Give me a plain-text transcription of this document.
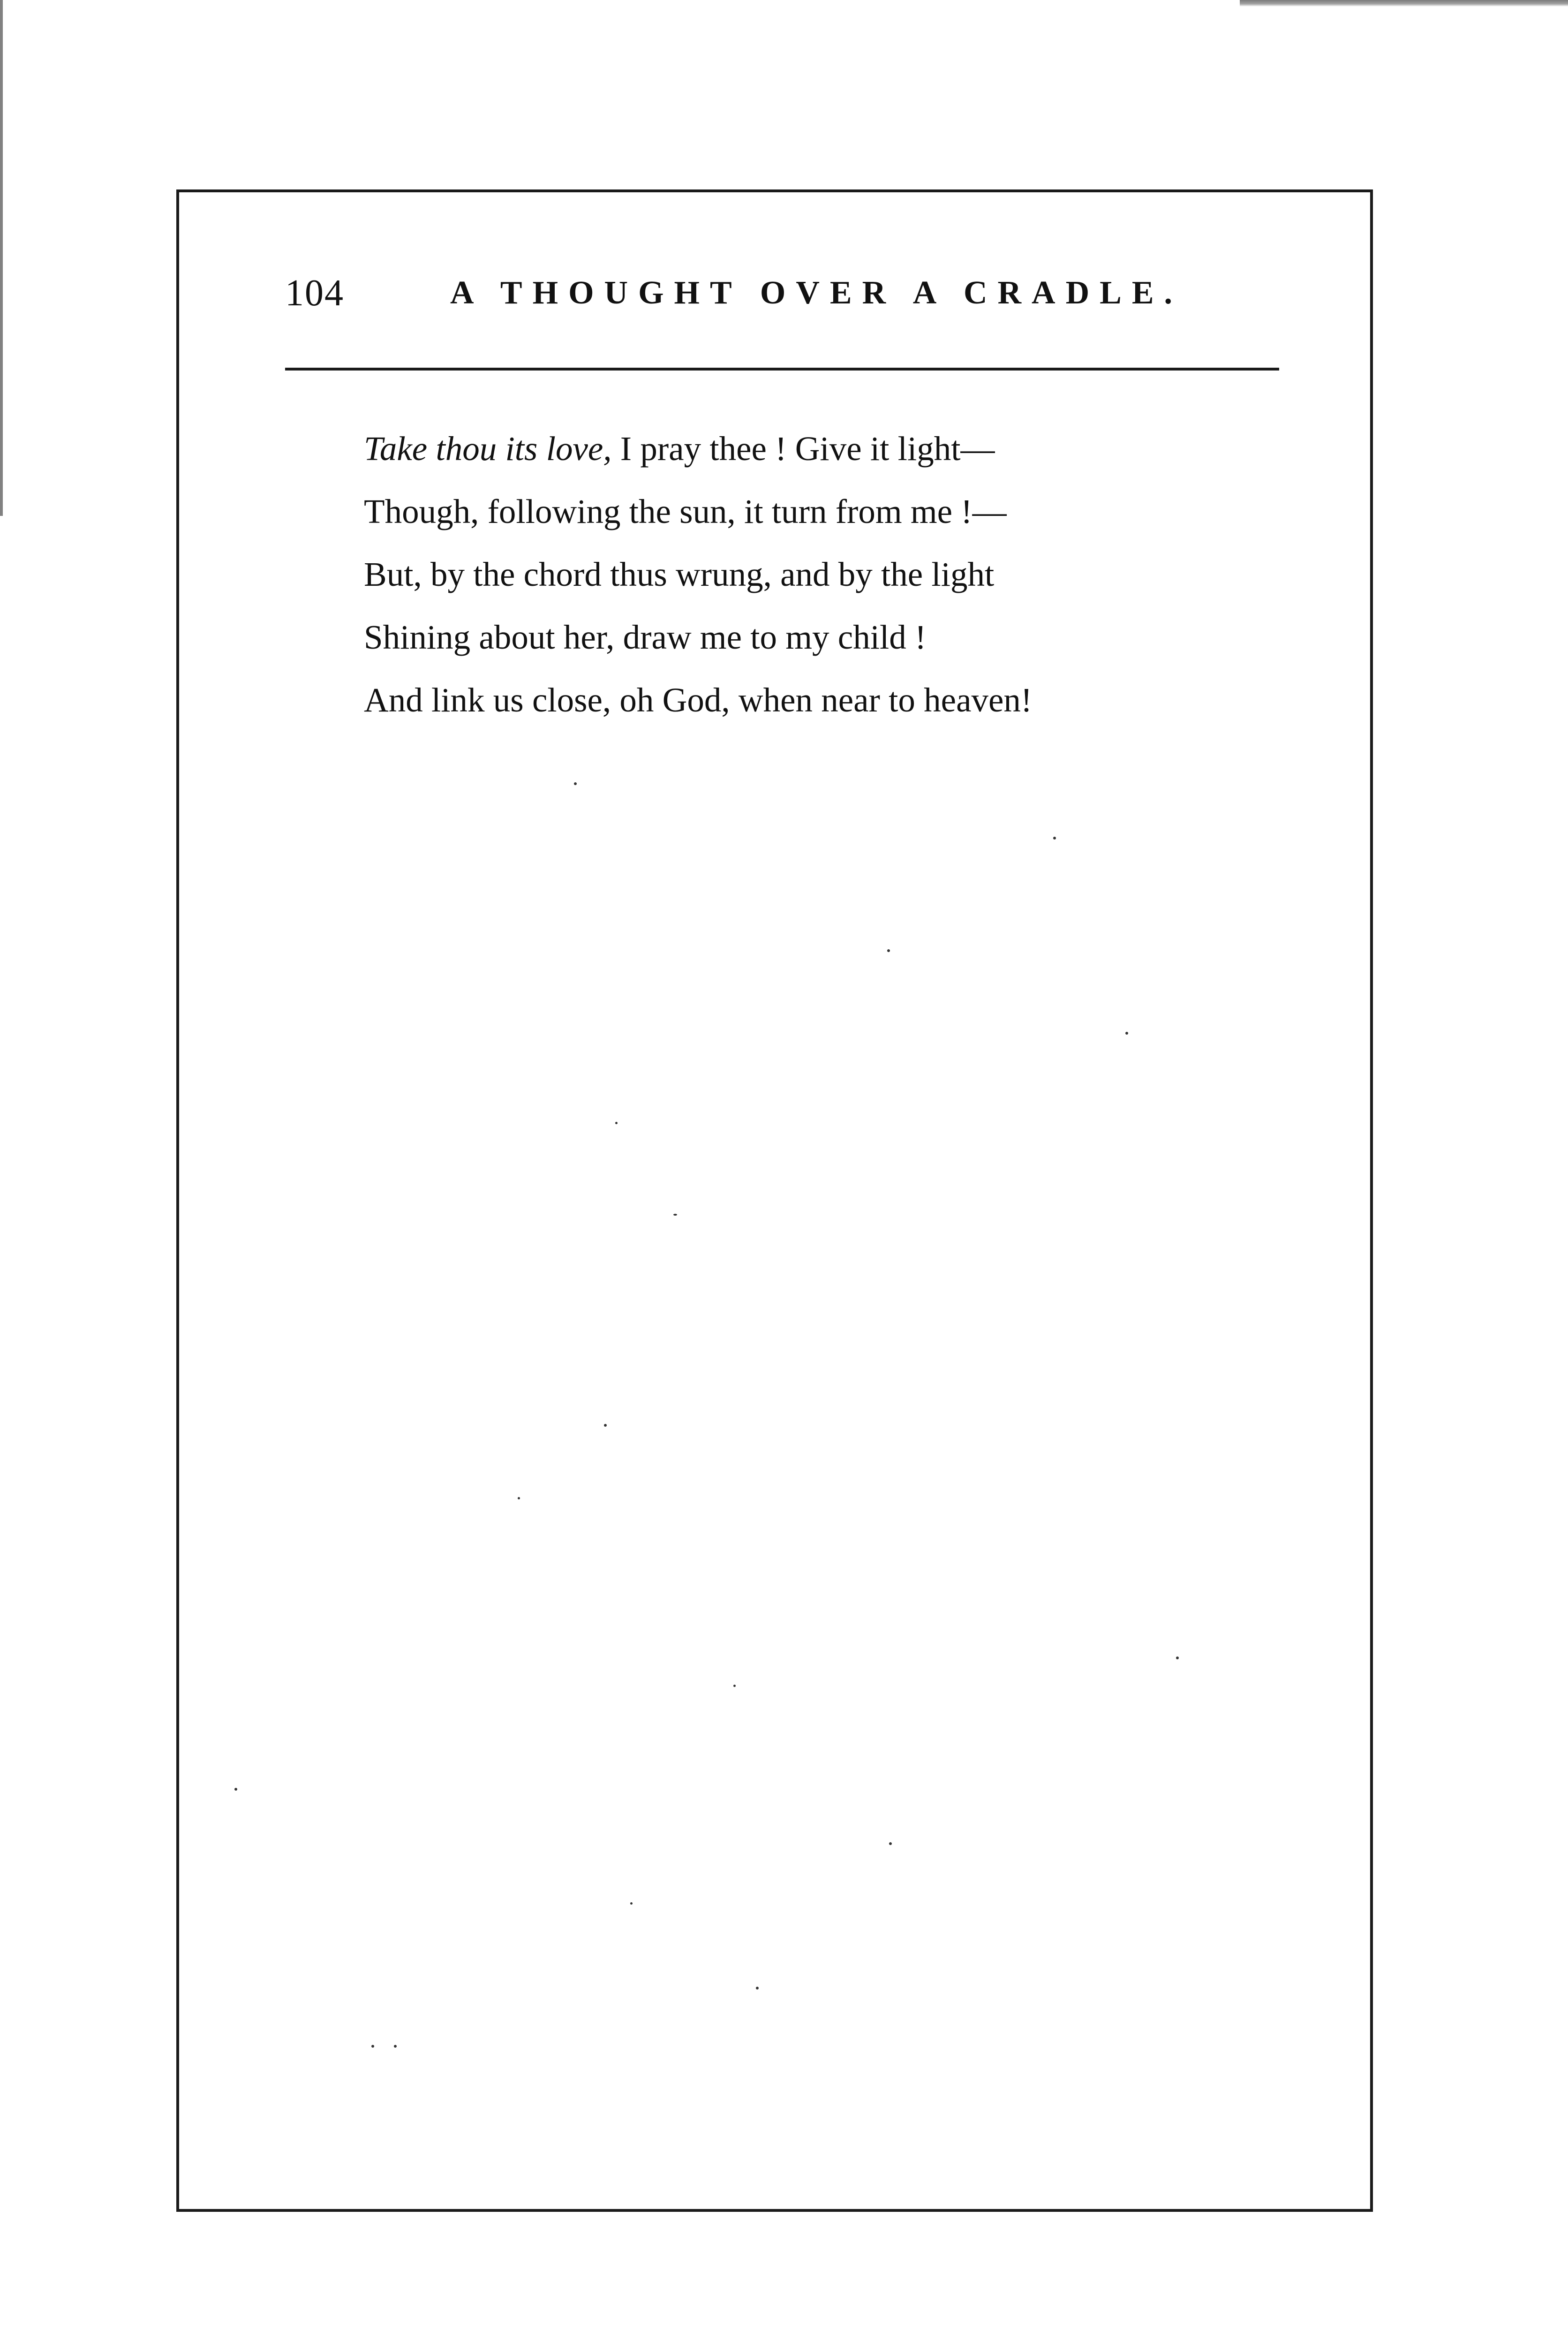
104	A THOUGHT OVER A CRADLE.
Take thou its love, I pray thee ! Give it light—
Though, following the sun, it turn from me !—
But, by the chord thus wrung, and by the light
Shining about her, draw me to my child !
And link us close, oh God, when near to heaven!
